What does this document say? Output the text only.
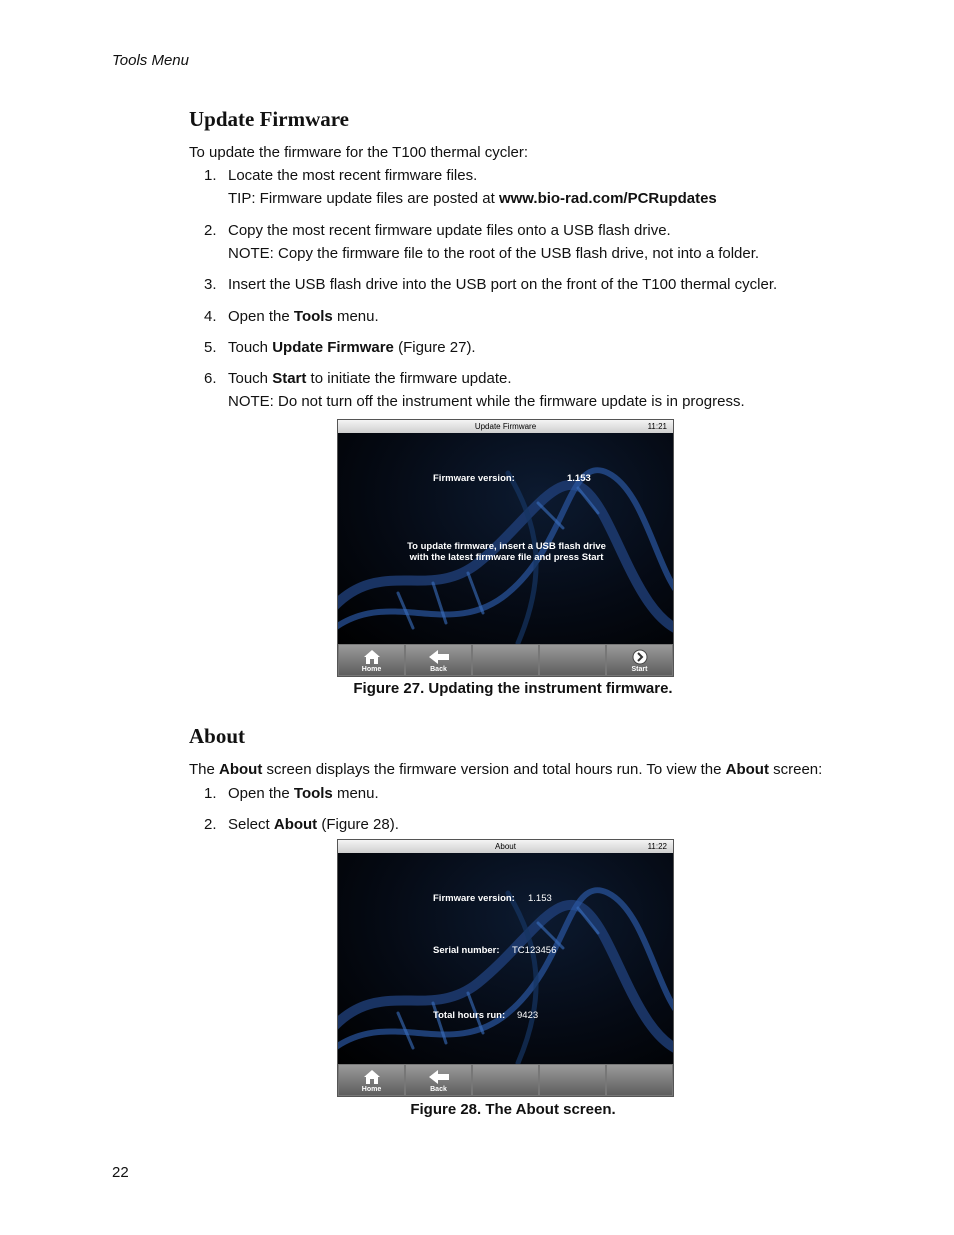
Tools Menu
Update Firmware
To update the firmware for the T100 thermal cycler:
1. Locate the most recent firmware files.
TIP: Firmware update files are posted at www.bio-rad.com/PCRupdates
2. Copy the most recent firmware update files onto a USB flash drive.
NOTE: Copy the firmware file to the root of the USB flash drive, not into a folder.
3. Insert the USB flash drive into the USB port on the front of the T100 thermal cycler.
4. Open the Tools menu.
5. Touch Update Firmware (Figure 27).
6. Touch Start to initiate the firmware update.
NOTE: Do not turn off the instrument while the firmware update is in progress.
Update Firmware	11:21
Firmware version:	1.153
To update firmware, insert a USB flash drive
with the latest firmware file and press Start
Home	Back	Start
Figure 27. Updating the instrument firmware.
About
The About screen displays the firmware version and total hours run. To view the About screen:
1. Open the Tools menu.
2. Select About (Figure 28).
About	11:22
Firmware version: 1.153
Serial number: TC123456
Total hours run: 9423
Home	Back
Figure 28. The About screen.
22
